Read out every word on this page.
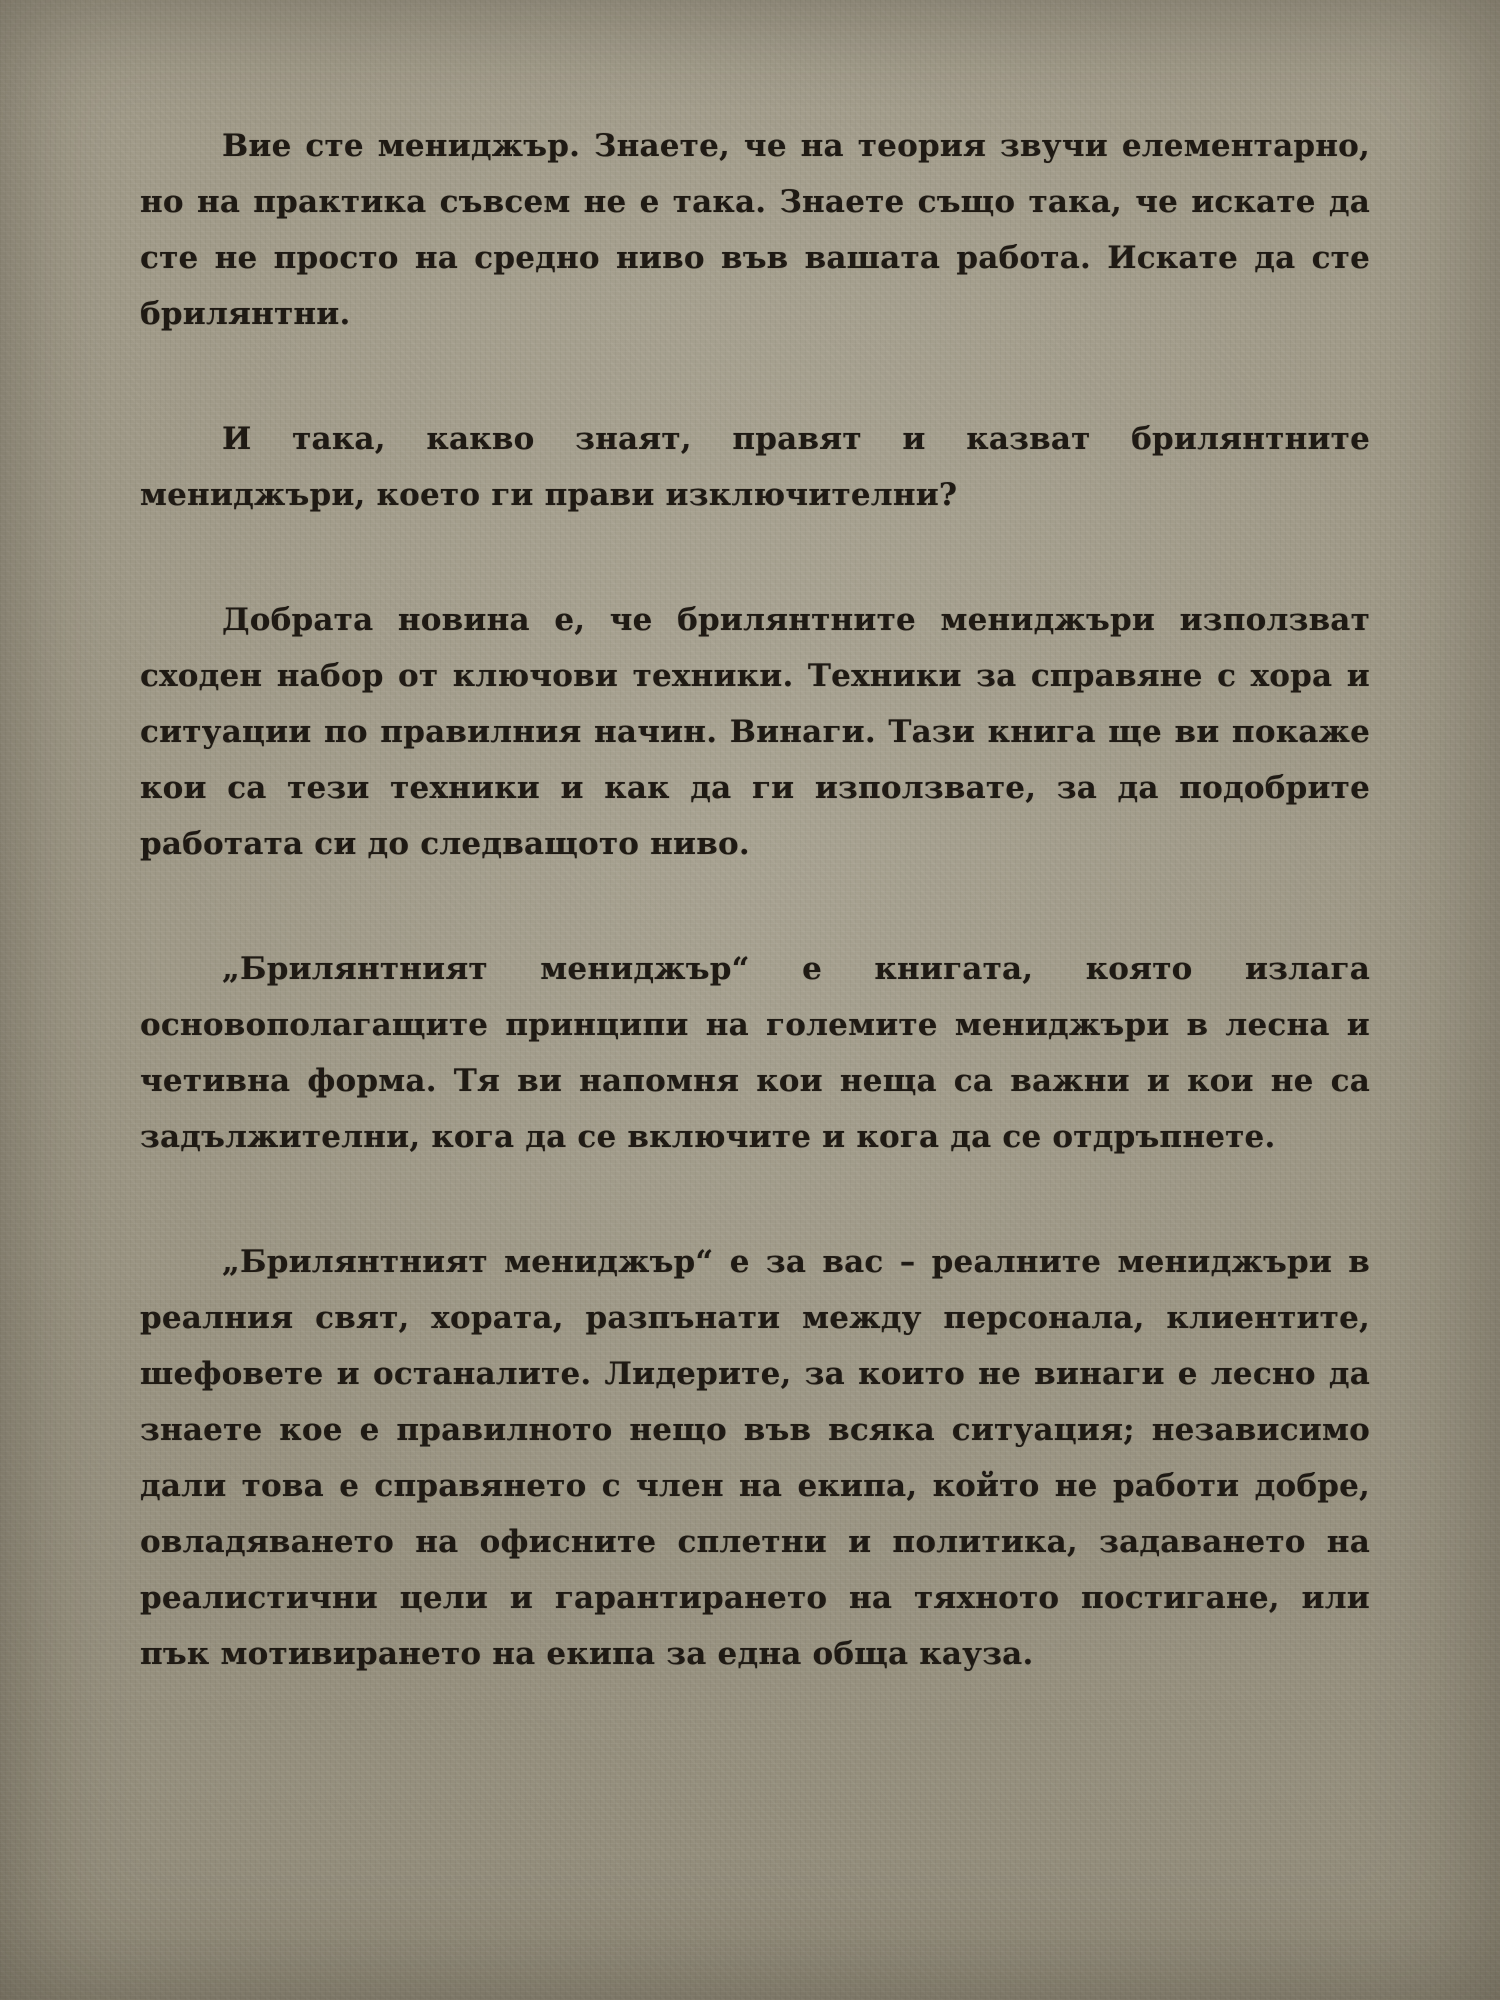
Вие сте мениджър. Знаете, че на теория звучи елементарно, но на практика съвсем не е така. Знаете също така, че искате да сте не просто на средно ниво във вашата работа. Искате да сте брилянтни.

И така, какво знаят, правят и казват брилянтните мениджъри, което ги прави изключителни?

Добрата новина е, че брилянтните мениджъри използват сходен набор от ключови техники. Техники за справяне с хора и ситуации по правилния начин. Винаги. Тази книга ще ви покаже кои са тези техники и как да ги използвате, за да подобрите работата си до следващото ниво.

„Брилянтният мениджър“ е книгата, която излага основополагащите принципи на големите мениджъри в лесна и четивна форма. Тя ви напомня кои неща са важни и кои не са задължителни, кога да се включите и кога да се отдръпнете.

„Брилянтният мениджър“ е за вас – реалните мениджъри в реалния свят, хората, разпънати между персонала, клиентите, шефовете и останалите. Лидерите, за които не винаги е лесно да знаете кое е правилното нещо във всяка ситуация; независимо дали това е справянето с член на екипа, който не работи добре, овладяването на офисните сплетни и политика, задаването на реалистични цели и гарантирането на тяхното постигане, или пък мотивирането на екипа за една обща кауза.
